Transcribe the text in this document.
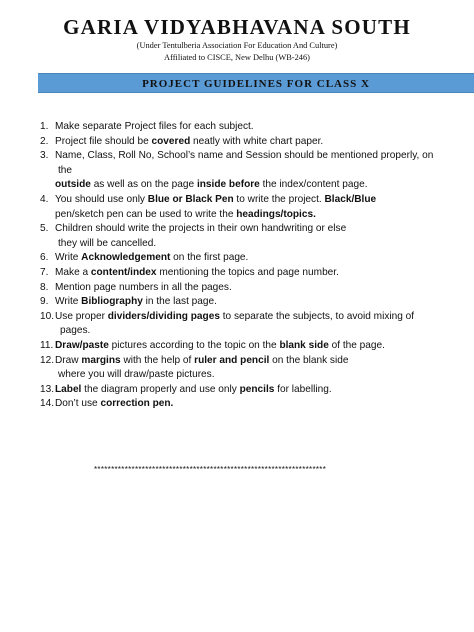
GARIA VIDYABHAVANA SOUTH

(Under Tentulberia Association For Education And Culture)

Affiliated to CISCE, New Delhu (WB-246)

PROJECT GUIDELINES FOR CLASS X
1. Make separate Project files for each subject.
2. Project file should be covered neatly with white chart paper.
3. Name, Class, Roll No, School’s name and Session should be mentioned properly, on
the
outside as well as on the page inside before the index/content page.
4. You should use only Blue or Black Pen to write the project. Black/Blue
pen/sketch pen can be used to write the headings/topics.
5. Children should write the projects in their own handwriting or else
they will be cancelled.
6. Write Acknowledgement on the first page.
7. Make a content/index mentioning the topics and page number.
8. Mention page numbers in all the pages.
9. Write Bibliography in the last page.
10. Use proper dividers/dividing pages to separate the subjects, to avoid mixing of
pages.
11. Draw/paste pictures according to the topic on the blank side of the page.
12. Draw margins with the help of ruler and pencil on the blank side
where you will draw/paste pictures.
13. Label the diagram properly and use only pencils for labelling.
14. Don’t use correction pen.
********************************************************************
